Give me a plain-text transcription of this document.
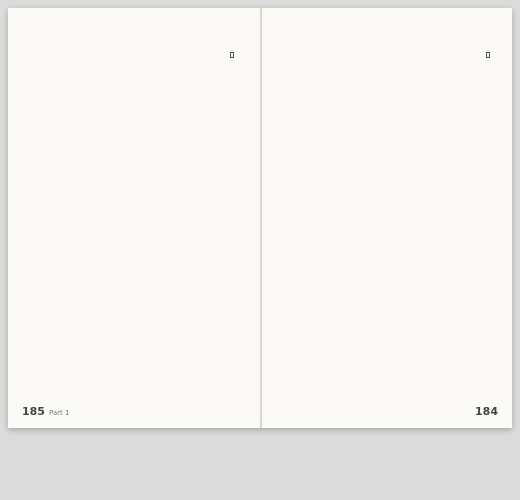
185 Part 1	184
